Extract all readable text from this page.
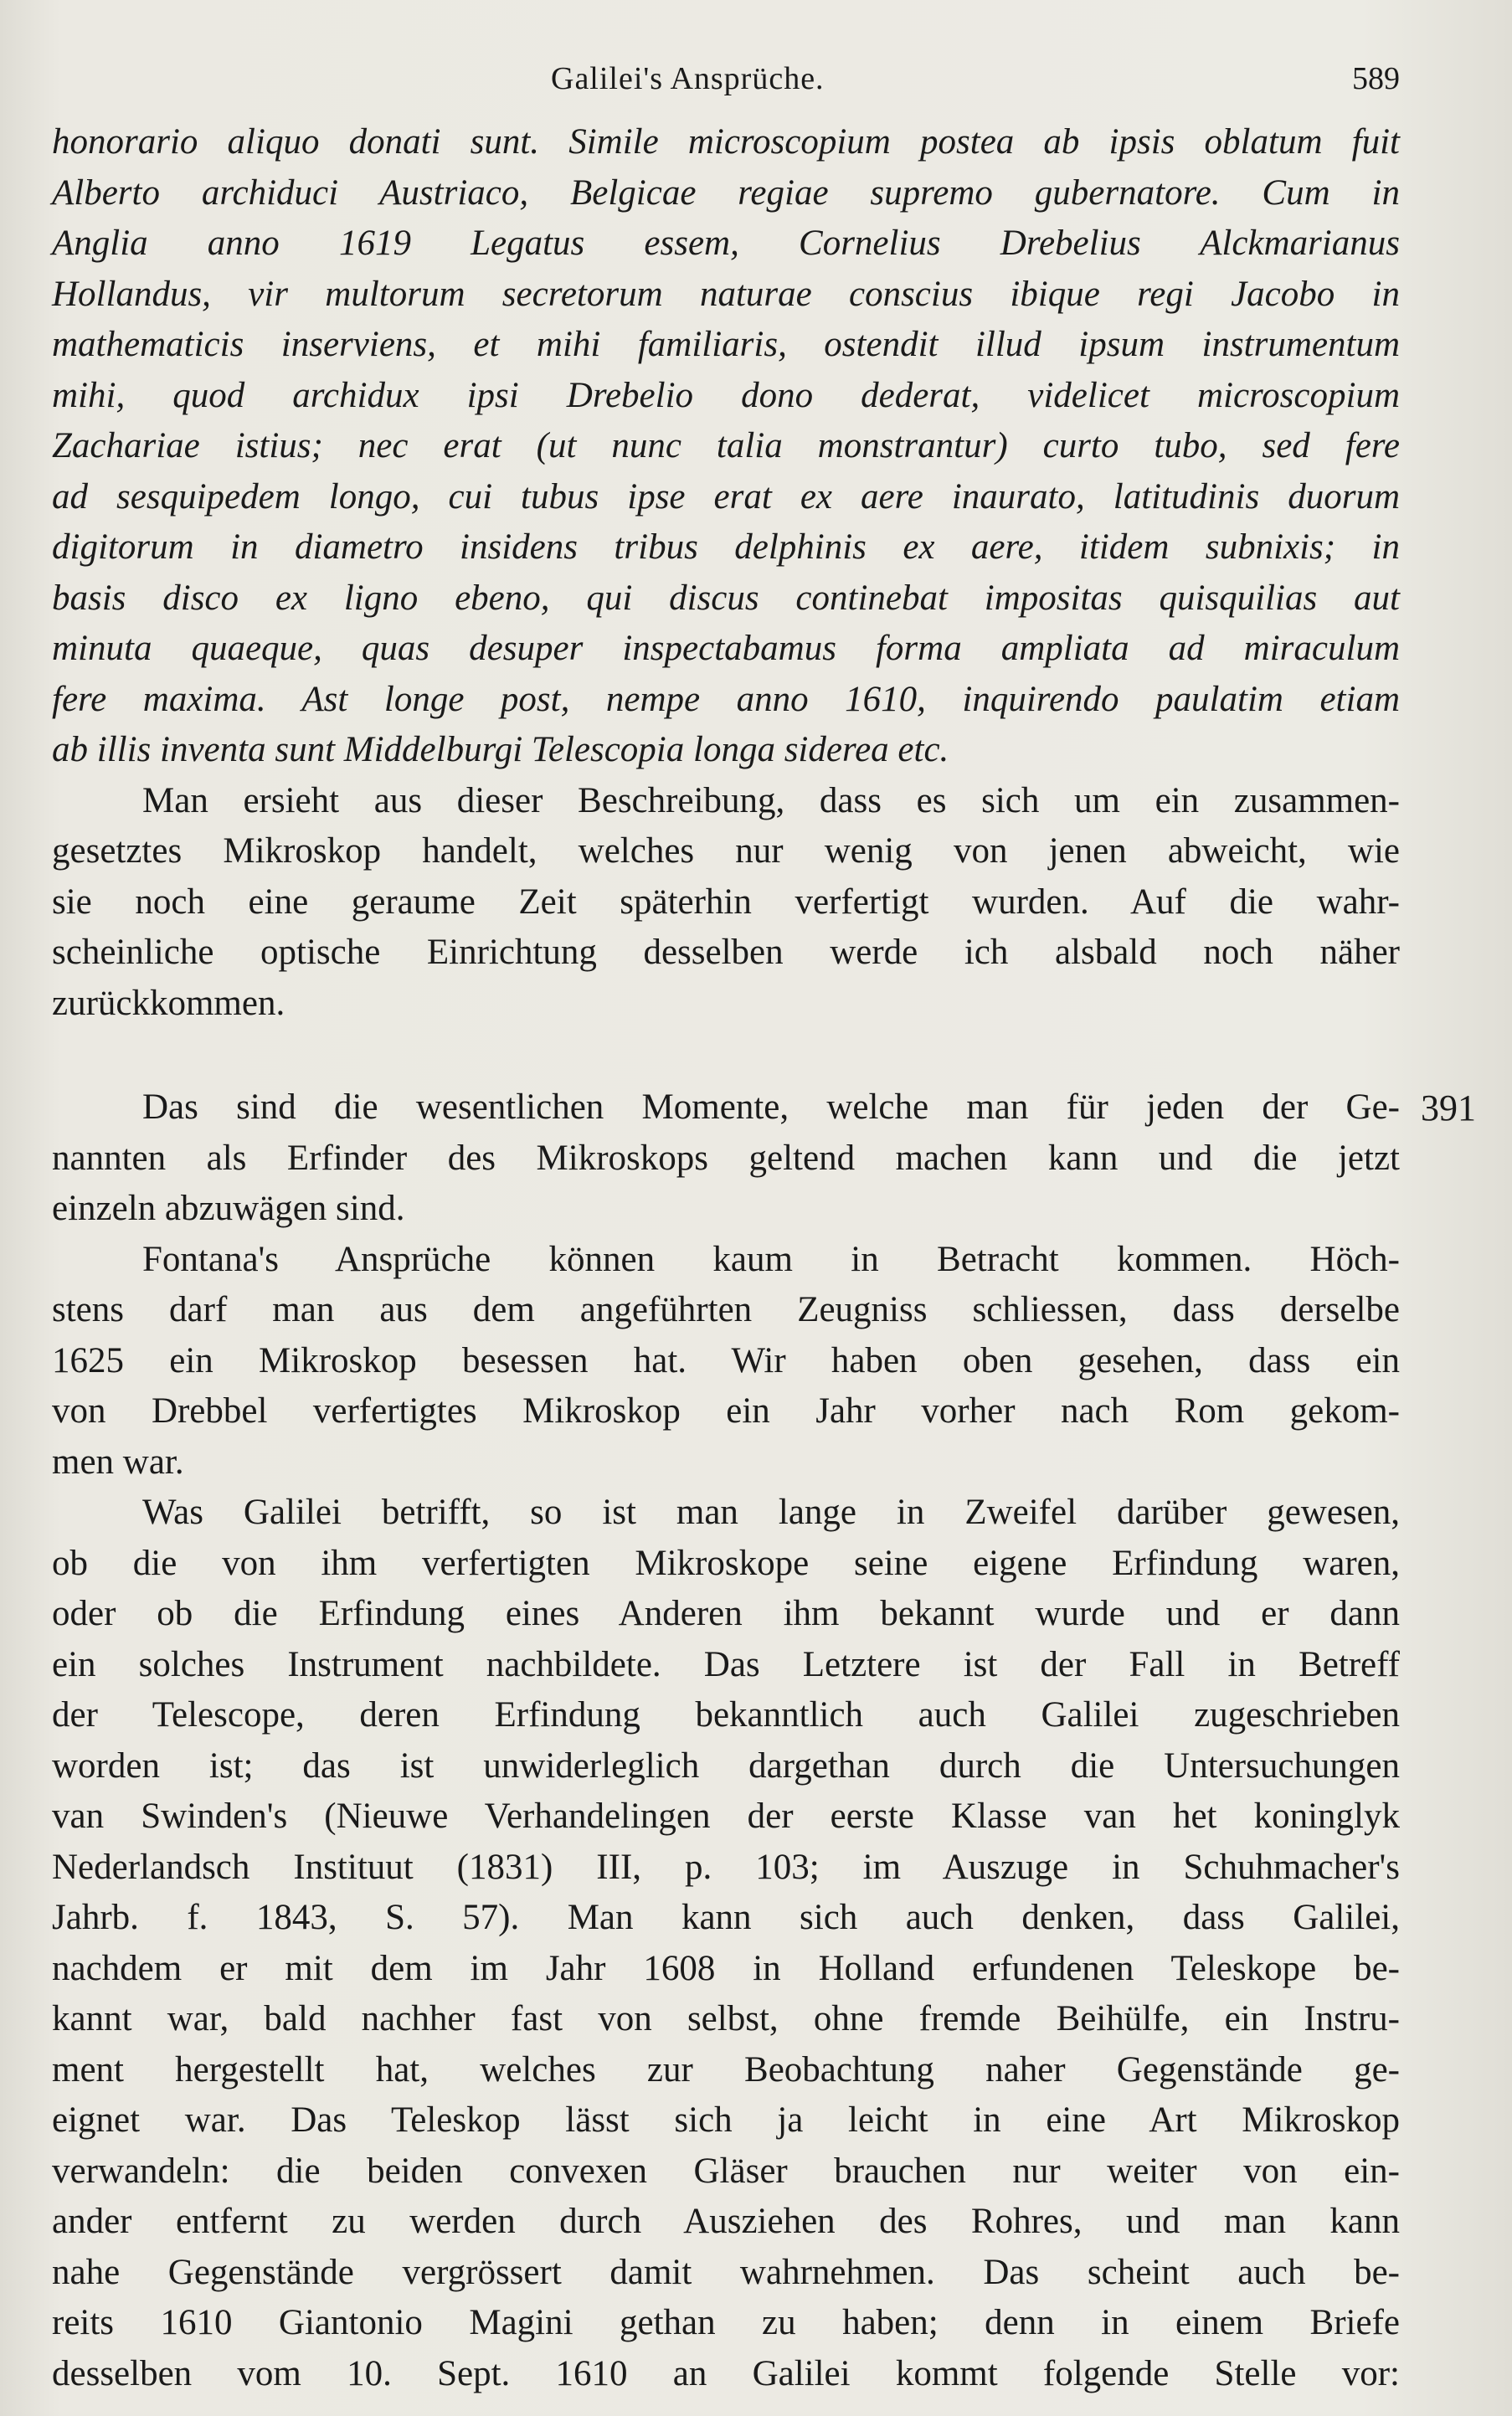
Galilei's Ansprüche.	589
391
honorario aliquo donati sunt. Simile microscopium postea ab ipsis oblatum fuit
Alberto archiduci Austriaco, Belgicae regiae supremo gubernatore. Cum in
Anglia anno 1619 Legatus essem, Cornelius Drebelius Alckmarianus
Hollandus, vir multorum secretorum naturae conscius ibique regi Jacobo in
mathematicis inserviens, et mihi familiaris, ostendit illud ipsum instrumentum
mihi, quod archidux ipsi Drebelio dono dederat, videlicet microscopium
Zachariae istius; nec erat (ut nunc talia monstrantur) curto tubo, sed fere
ad sesquipedem longo, cui tubus ipse erat ex aere inaurato, latitudinis duorum
digitorum in diametro insidens tribus delphinis ex aere, itidem subnixis; in
basis disco ex ligno ebeno, qui discus continebat impositas quisquilias aut
minuta quaeque, quas desuper inspectabamus forma ampliata ad miraculum
fere maxima. Ast longe post, nempe anno 1610, inquirendo paulatim etiam
ab illis inventa sunt Middelburgi Telescopia longa siderea etc.
Man ersieht aus dieser Beschreibung, dass es sich um ein zusammen-
gesetztes Mikroskop handelt, welches nur wenig von jenen abweicht, wie
sie noch eine geraume Zeit späterhin verfertigt wurden. Auf die wahr-
scheinliche optische Einrichtung desselben werde ich alsbald noch näher
zurückkommen.
Das sind die wesentlichen Momente, welche man für jeden der Ge-
nannten als Erfinder des Mikroskops geltend machen kann und die jetzt
einzeln abzuwägen sind.
Fontana's Ansprüche können kaum in Betracht kommen. Höch-
stens darf man aus dem angeführten Zeugniss schliessen, dass derselbe
1625 ein Mikroskop besessen hat. Wir haben oben gesehen, dass ein
von Drebbel verfertigtes Mikroskop ein Jahr vorher nach Rom gekom-
men war.
Was Galilei betrifft, so ist man lange in Zweifel darüber gewesen,
ob die von ihm verfertigten Mikroskope seine eigene Erfindung waren,
oder ob die Erfindung eines Anderen ihm bekannt wurde und er dann
ein solches Instrument nachbildete. Das Letztere ist der Fall in Betreff
der Telescope, deren Erfindung bekanntlich auch Galilei zugeschrieben
worden ist; das ist unwiderleglich dargethan durch die Untersuchungen
van Swinden's (Nieuwe Verhandelingen der eerste Klasse van het koninglyk
Nederlandsch Instituut (1831) III, p. 103; im Auszuge in Schuhmacher's
Jahrb. f. 1843, S. 57). Man kann sich auch denken, dass Galilei,
nachdem er mit dem im Jahr 1608 in Holland erfundenen Teleskope be-
kannt war, bald nachher fast von selbst, ohne fremde Beihülfe, ein Instru-
ment hergestellt hat, welches zur Beobachtung naher Gegenstände ge-
eignet war. Das Teleskop lässt sich ja leicht in eine Art Mikroskop
verwandeln: die beiden convexen Gläser brauchen nur weiter von ein-
ander entfernt zu werden durch Ausziehen des Rohres, und man kann
nahe Gegenstände vergrössert damit wahrnehmen. Das scheint auch be-
reits 1610 Giantonio Magini gethan zu haben; denn in einem Briefe
desselben vom 10. Sept. 1610 an Galilei kommt folgende Stelle vor:
